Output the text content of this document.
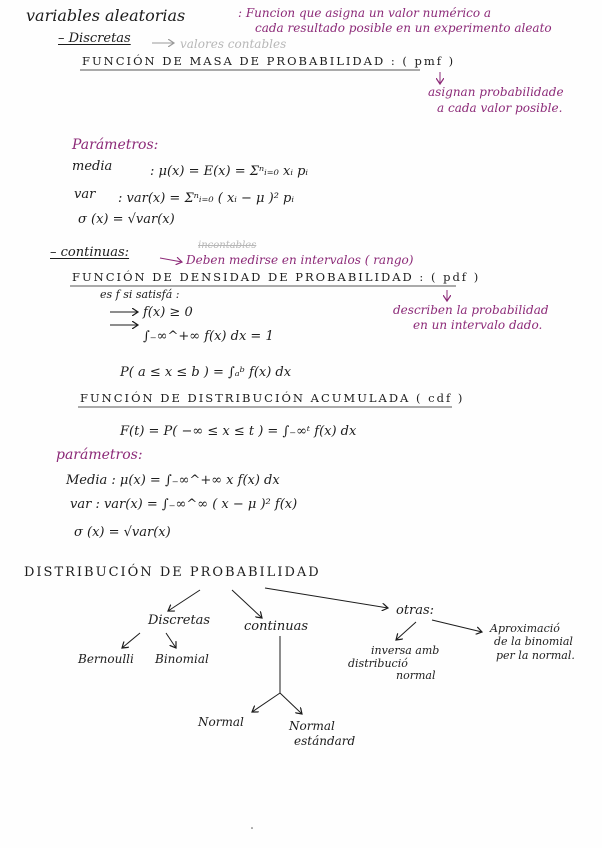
variables aleatorias	: Funcion que asigna un valor numérico a
cada resultado posible en un experimento aleato
– Discretas	valores contables
FUNCIÓN DE MASA DE PROBABILIDAD : ( pmf )
asignan probabilidade
a cada valor posible.
Parámetros:
media	: μ(x) = E(x) = Σⁿᵢ₌₀ xᵢ pᵢ
var : var(x) = Σⁿᵢ₌₀ ( xᵢ − μ )² pᵢ
σ (x) = √var(x)
– continuas:	incontables
Deben medirse en intervalos ( rango)
FUNCIÓN DE DENSIDAD DE PROBABILIDAD : ( pdf )
es f si satisfá :
f(x) ≥ 0
∫₋∞^+∞ f(x) dx = 1
describen la probabilidad
en un intervalo dado.
P( a ≤ x ≤ b ) = ∫ₐᵇ f(x) dx
FUNCIÓN DE DISTRIBUCIÓN ACUMULADA ( cdf )
F(t) = P( −∞ ≤ x ≤ t ) = ∫₋∞ᵗ f(x) dx
parámetros:
Media : μ(x) = ∫₋∞^+∞ x f(x) dx
var : var(x) = ∫₋∞^∞ ( x − μ )² f(x)
σ (x) = √var(x)
DISTRIBUCIÓN DE PROBABILIDAD
Discretas	continuas
otras:
Bernoulli Binomial
Normal	Normal
estándard
inversa amb
distribució
normal
Aproximació
de la binomial
per la normal.
